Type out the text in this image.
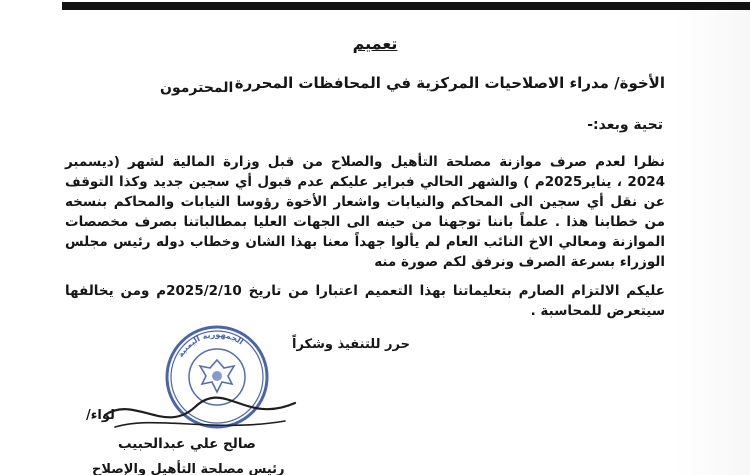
تعميم
الأخوة/ مدراء الاصلاحيات المركزية في المحافظات المحررة
المحترمون
تحية وبعد:-
نظرا لعدم صرف موازنة مصلحة التأهيل والصلاح من قبل وزارة المالية لشهر (ديسمبر 2024 ، يناير2025م ) والشهر الحالي فبراير عليكم عدم قبول أي سجين جديد وكذا التوقف عن نقل أي سجين الى المحاكم والنيابات واشعار الأخوة رؤوسا النيابات والمحاكم بنسخه من خطابنا هذا . علماً باننا توجهنا من حينه الى الجهات العليا بمطالباتنا بصرف مخصصات الموازنة ومعالي الاخ النائب العام لم يألوا جهداً معنا بهذا الشان وخطاب دوله رئيس مجلس الوزراء بسرعة الصرف ونرفق لكم صورة منه
عليكم الالتزام الصارم بتعليماتنا بهذا التعميم اعتبارا من تاريخ 2025/2/10م ومن يخالفها سيتعرض للمحاسبة .
حرر للتنفيذ وشكراً
الجمهورية اليمنية
لواء/
صالح علي عبدالحبيب
رئيس مصلحة التأهيل والإصلاح
